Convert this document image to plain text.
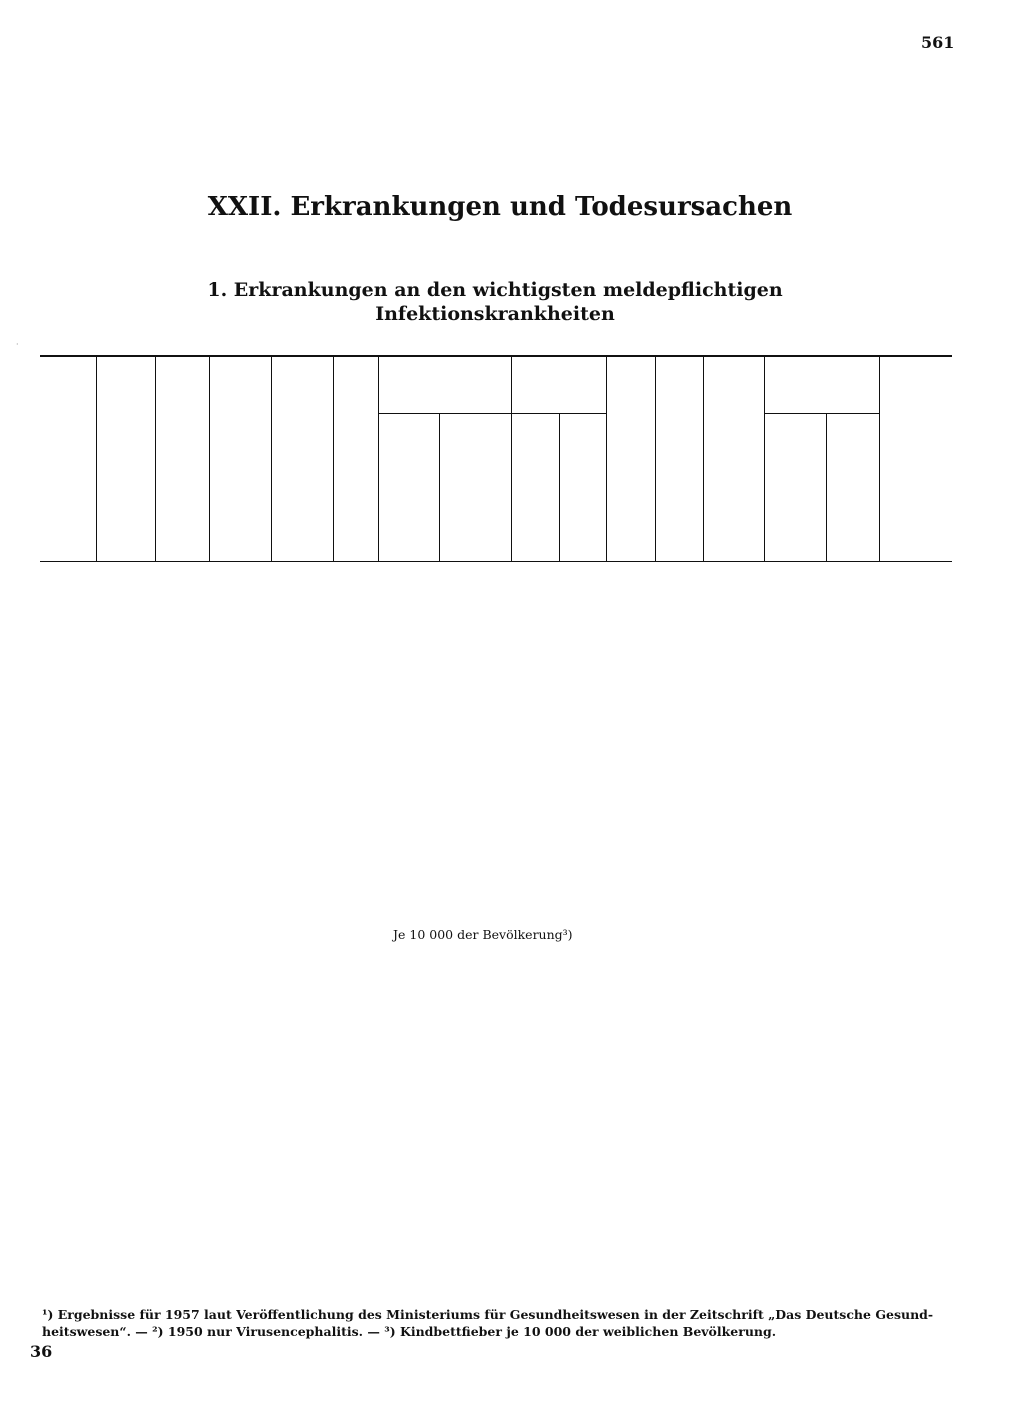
561
·
XXII. Erkrankungen und Todesursachen
1. Erkrankungen an den wichtigsten meldepflichtigen
Infektionskrankheiten

Je 10 000 der Bevölkerung³)

¹) Ergebnisse für 1957 laut Veröffentlichung des Ministeriums für Gesundheitswesen in der Zeitschrift „Das Deutsche Gesund-

heitswesen“. — ²) 1950 nur Virusencephalitis. — ³) Kindbettfieber je 10 000 der weiblichen Bevölkerung.

36
